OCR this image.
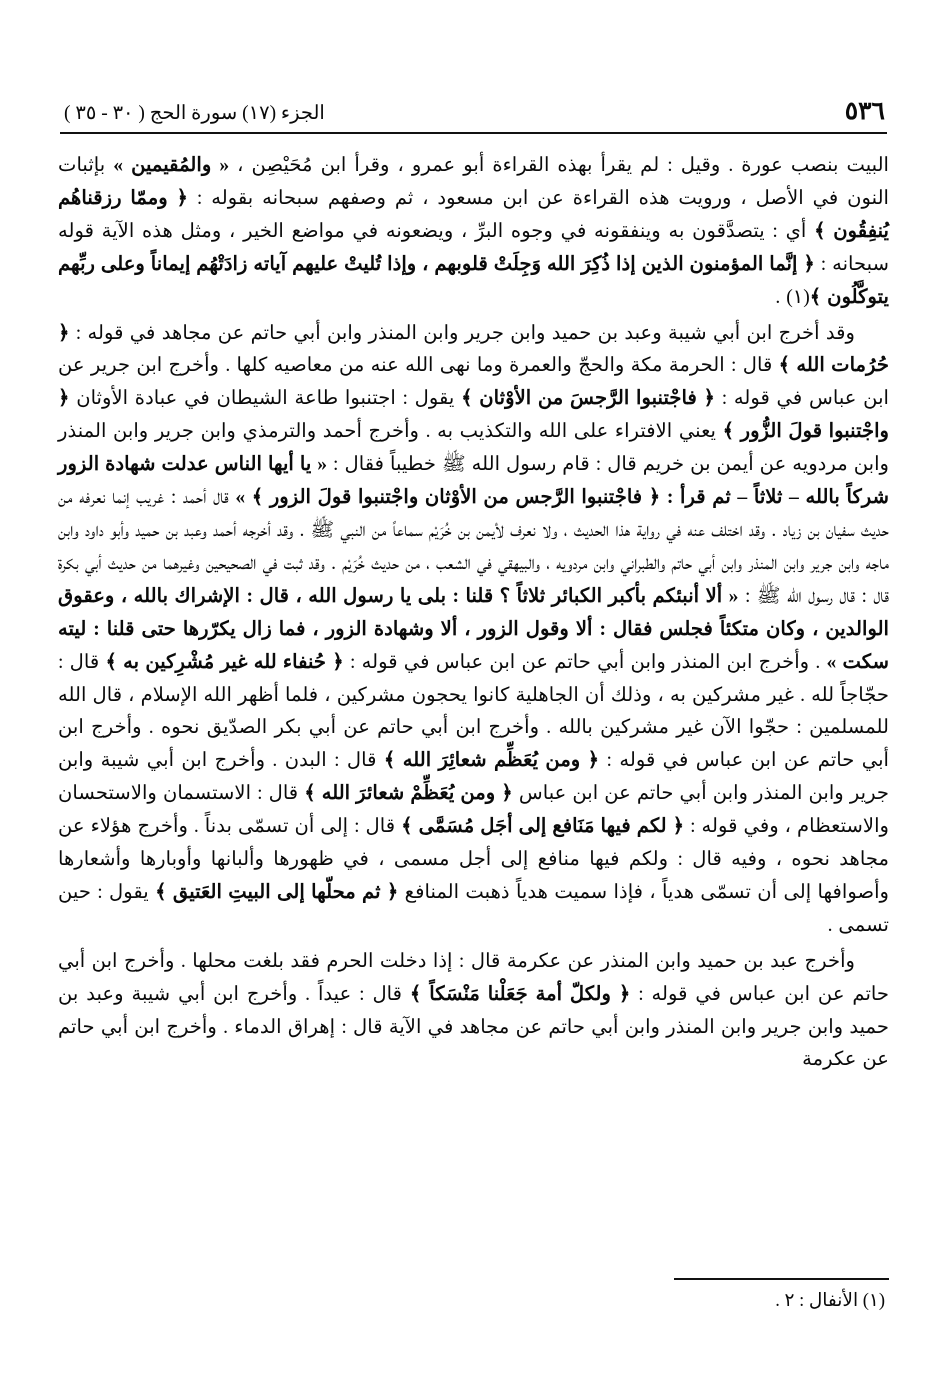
الجزء (١٧) سورة الحج ( ٣٠ - ٣٥ )	٥٣٦

البيت بنصب عورة . وقيل : لم يقرأ بهذه القراءة أبو عمرو ، وقرأ ابن مُحَيْصِن ، « والمُقيمين » بإثبات النون في الأصل ، ورويت هذه القراءة عن ابن مسعود ، ثم وصفهم سبحانه بقوله : ﴿ وممّا رزقناهُم يُنفِقُون ﴾ أي : يتصدَّقون به وينفقونه في وجوه البرِّ ، ويضعونه في مواضع الخير ، ومثل هذه الآية قوله سبحانه : ﴿ إنَّما المؤمنون الذين إذا ذُكِرَ الله وَجِلَتْ قلوبهم ، وإذا تُليتْ عليهم آياته زادَتْهُم إيماناً وعلى ربِّهم يتوكَّلُون ﴾(١) .

وقد أخرج ابن أبي شيبة وعبد بن حميد وابن جرير وابن المنذر وابن أبي حاتم عن مجاهد في قوله : ﴿ حُرُمات الله ﴾ قال : الحرمة مكة والحجّ والعمرة وما نهى الله عنه من معاصيه كلها . وأخرج ابن جرير عن ابن عباس في قوله : ﴿ فاجْتنبوا الرَّجسَ من الأوْثان ﴾ يقول : اجتنبوا طاعة الشيطان في عبادة الأوثان ﴿ واجْتنبوا قولَ الزُّور ﴾ يعني الافتراء على الله والتكذيب به . وأخرج أحمد والترمذي وابن جرير وابن المنذر وابن مردويه عن أيمن بن خريم قال : قام رسول الله ﷺ خطيباً فقال : « يا أيها الناس عدلت شهادة الزور شركاً بالله – ثلاثاً – ثم قرأ : ﴿ فاجْتنبوا الرَّجس من الأوْثان واجْتنبوا قولَ الزور ﴾ » قال أحمد : غريب إنما نعرفه من حديث سفيان بن زياد . وقد اختلف عنه في رواية هذا الحديث ، ولا نعرف لأيمن بن خُرَيْم سماعاً من النبي ﷺ . وقد أخرجه أحمد وعبد بن حميد وأبو داود وابن ماجه وابن جرير وابن المنذر وابن أبي حاتم والطبراني وابن مردويه ، والبيهقي في الشعب ، من حديث خُرَيْم . وقد ثبت في الصحيحين وغيرهما من حديث أبي بكرة قال : قال رسول الله ﷺ : « ألا أنبئكم بأكبر الكبائر ثلاثاً ؟ قلنا : بلى يا رسول الله ، قال : الإشراك بالله ، وعقوق الوالدين ، وكان متكئاً فجلس فقال : ألا وقول الزور ، ألا وشهادة الزور ، فما زال يكرّرها حتى قلنا : ليته سكت » . وأخرج ابن المنذر وابن أبي حاتم عن ابن عباس في قوله : ﴿ حُنفاء لله غير مُشْرِكين به ﴾ قال : حجّاجاً لله . غير مشركين به ، وذلك أن الجاهلية كانوا يحجون مشركين ، فلما أظهر الله الإسلام ، قال الله للمسلمين : حجّوا الآن غير مشركين بالله . وأخرج ابن أبي حاتم عن أبي بكر الصدّيق نحوه . وأخرج ابن أبي حاتم عن ابن عباس في قوله : ﴿ ومن يُعَظِّم شعائِرَ الله ﴾ قال : البدن . وأخرج ابن أبي شيبة وابن جرير وابن المنذر وابن أبي حاتم عن ابن عباس ﴿ ومن يُعَظِّمْ شعائرَ الله ﴾ قال : الاستسمان والاستحسان والاستعظام ، وفي قوله : ﴿ لكم فيها مَنَافع إلى أجَل مُسَمَّى ﴾ قال : إلى أن تسمّى بدناً . وأخرج هؤلاء عن مجاهد نحوه ، وفيه قال : ولكم فيها منافع إلى أجل مسمى ، في ظهورها وألبانها وأوبارها وأشعارها وأصوافها إلى أن تسمّى هدياً ، فإذا سميت هدياً ذهبت المنافع ﴿ ثم محلّها إلى البيتِ العَتيق ﴾ يقول : حين تسمى .

وأخرج عبد بن حميد وابن المنذر عن عكرمة قال : إذا دخلت الحرم فقد بلغت محلها . وأخرج ابن أبي حاتم عن ابن عباس في قوله : ﴿ ولكلّ أمة جَعَلْنا مَنْسَكاً ﴾ قال : عيداً . وأخرج ابن أبي شيبة وعبد بن حميد وابن جرير وابن المنذر وابن أبي حاتم عن مجاهد في الآية قال : إهراق الدماء . وأخرج ابن أبي حاتم عن عكرمة

(١) الأنفال : ٢ .
